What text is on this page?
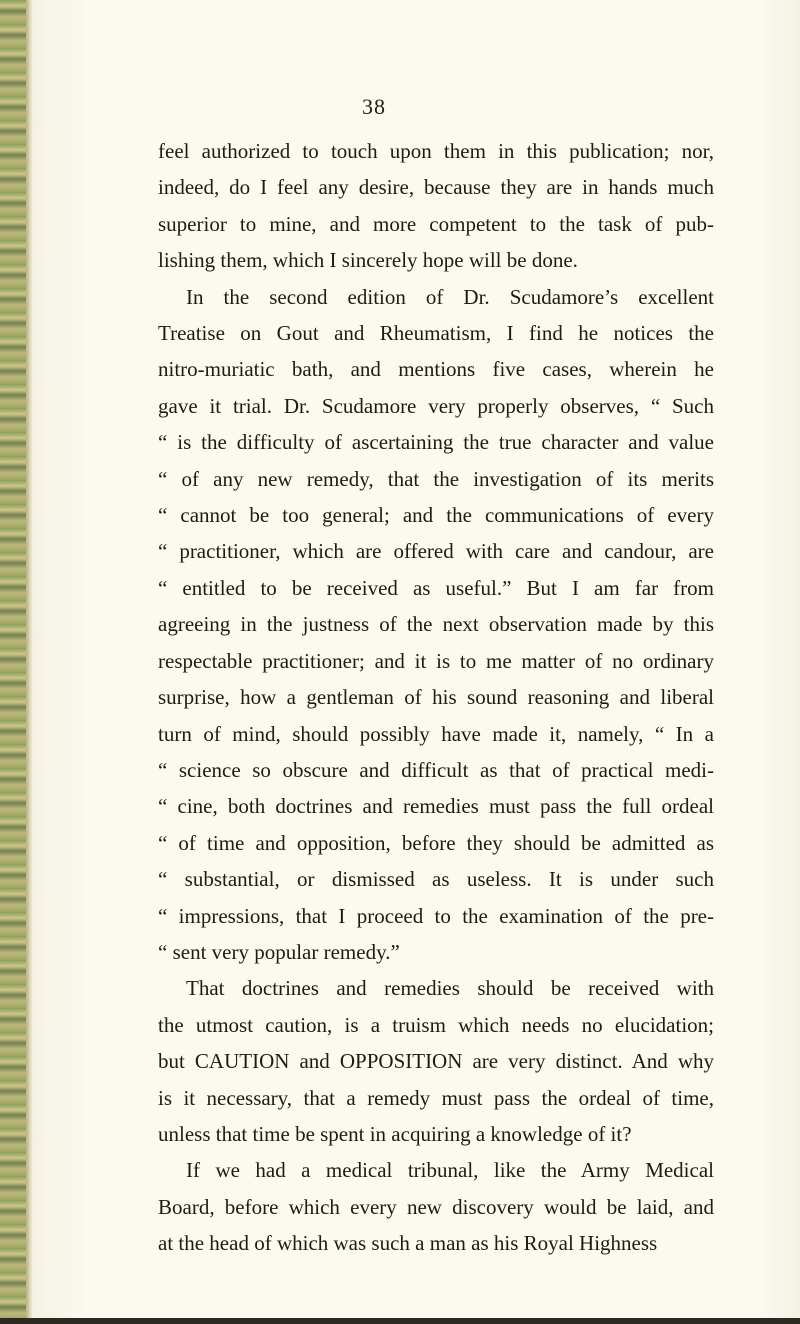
38
feel authorized to touch upon them in this publication; nor,
indeed, do I feel any desire, because they are in hands much
superior to mine, and more competent to the task of pub-
lishing them, which I sincerely hope will be done.
In the second edition of Dr. Scudamore’s excellent
Treatise on Gout and Rheumatism, I find he notices the
nitro-muriatic bath, and mentions five cases, wherein he
gave it trial. Dr. Scudamore very properly observes, “ Such
“ is the difficulty of ascertaining the true character and value
“ of any new remedy, that the investigation of its merits
“ cannot be too general; and the communications of every
“ practitioner, which are offered with care and candour, are
“ entitled to be received as useful.” But I am far from
agreeing in the justness of the next observation made by this
respectable practitioner; and it is to me matter of no ordinary
surprise, how a gentleman of his sound reasoning and liberal
turn of mind, should possibly have made it, namely, “ In a
“ science so obscure and difficult as that of practical medi-
“ cine, both doctrines and remedies must pass the full ordeal
“ of time and opposition, before they should be admitted as
“ substantial, or dismissed as useless. It is under such
“ impressions, that I proceed to the examination of the pre-
“ sent very popular remedy.”
That doctrines and remedies should be received with
the utmost caution, is a truism which needs no elucidation;
but CAUTION and OPPOSITION are very distinct. And why
is it necessary, that a remedy must pass the ordeal of time,
unless that time be spent in acquiring a knowledge of it?
If we had a medical tribunal, like the Army Medical
Board, before which every new discovery would be laid, and
at the head of which was such a man as his Royal Highness
